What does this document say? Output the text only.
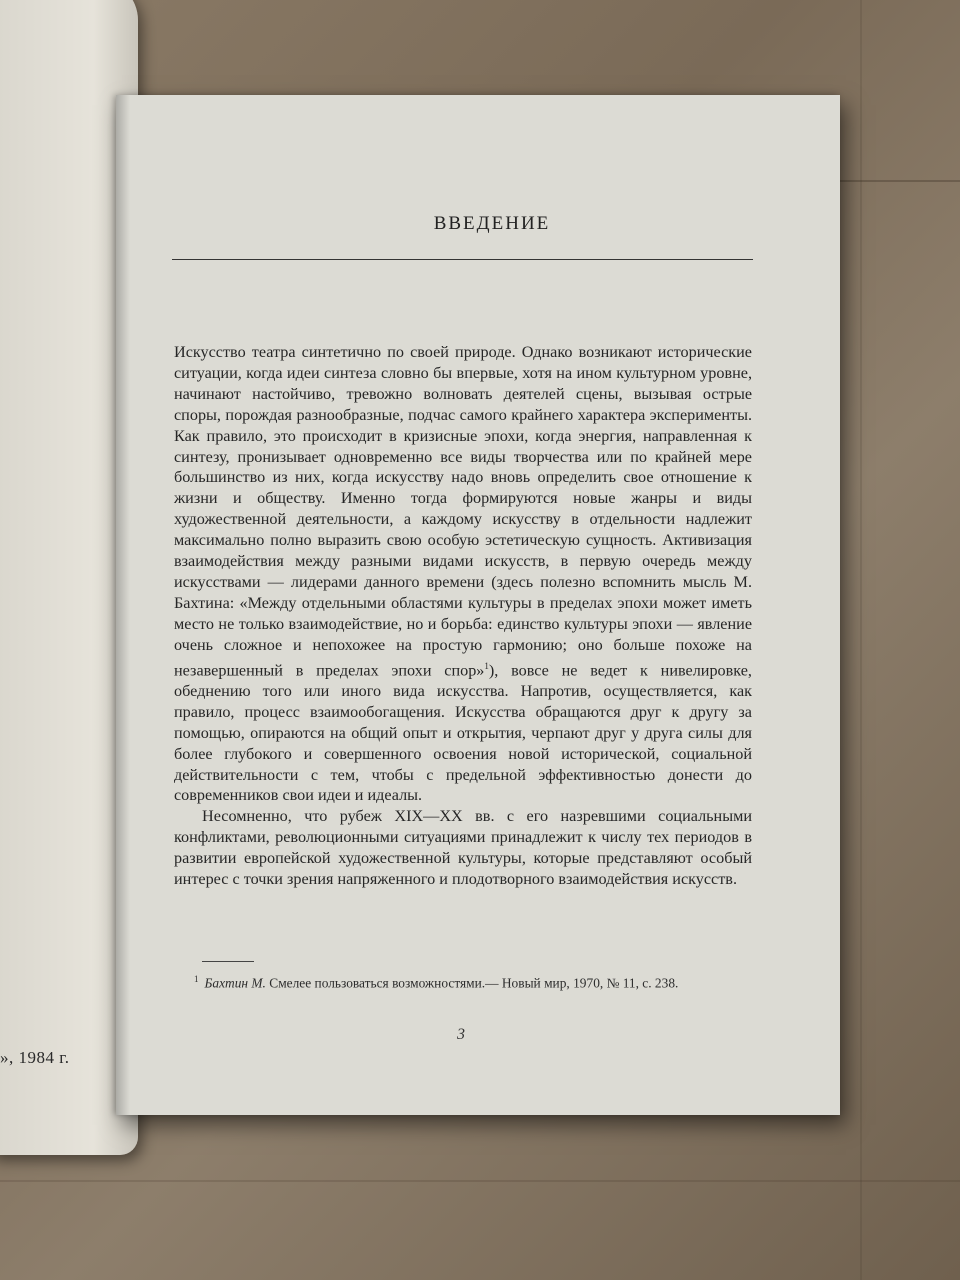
», 1984 г.
ВВЕДЕНИЕ

Искусство театра синтетично по своей природе. Однако возникают исторические ситуации, когда идеи синтеза словно бы впервые, хотя на ином культурном уровне, начинают настойчиво, тревожно волновать деятелей сцены, вызывая острые споры, порождая разнообразные, подчас самого крайнего характера эксперименты. Как правило, это происходит в кризисные эпохи, когда энергия, направленная к синтезу, пронизывает одновременно все виды творчества или по крайней мере большинство из них, когда искусству надо вновь определить свое отношение к жизни и обществу. Именно тогда формируются новые жанры и виды художественной деятельности, а каждому искусству в отдельности надлежит максимально полно выразить свою особую эстетическую сущность. Активизация взаимодействия между разными видами искусств, в первую очередь между искусствами — лидерами данного времени (здесь полезно вспомнить мысль М. Бахтина: «Между отдельными областями культуры в пределах эпохи может иметь место не только взаимодействие, но и борьба: единство культуры эпохи — явление очень сложное и непохожее на простую гармонию; оно больше похоже на незавершенный в пределах эпохи спор»$^1$), вовсе не ведет к нивелировке, обеднению того или иного вида искусства. Напротив, осуществляется, как правило, процесс взаимообогащения. Искусства обращаются друг к другу за помощью, опираются на общий опыт и открытия, черпают друг у друга силы для более глубокого и совершенного освоения новой исторической, социальной действительности с тем, чтобы с предельной эффективностью донести до современников свои идеи и идеалы.

Несомненно, что рубеж XIX—XX вв. с его назревшими социальными конфликтами, революционными ситуациями принадлежит к числу тех периодов в развитии европейской художественной культуры, которые представляют особый интерес с точки зрения напряженного и плодотворного взаимодействия искусств.

$^1$ Бахтин М. Смелее пользоваться возможностями.— Новый мир, 1970, № 11, с. 238.
3
